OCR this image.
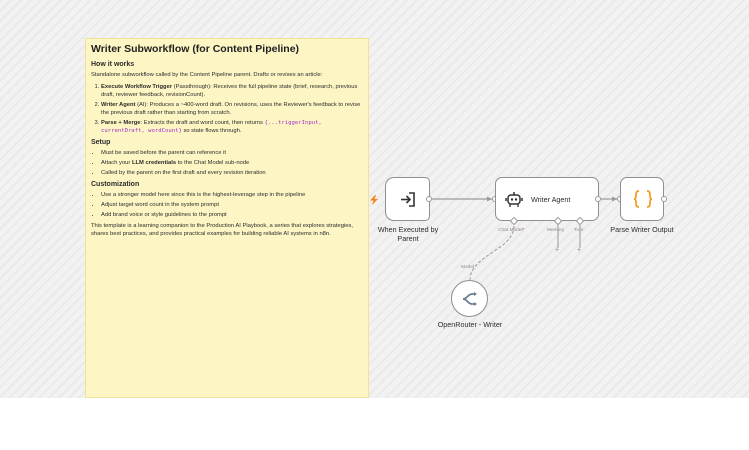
Writer Subworkflow (for Content Pipeline)
How it works

Standalone subworkflow called by the Content Pipeline parent. Drafts or revises an article:

1. Execute Workflow Trigger (Passthrough): Receives the full pipeline state (brief, research, previous draft, reviewer feedback, revisionCount).
2. Writer Agent (AI): Produces a ~400-word draft. On revisions, uses the Reviewer's feedback to revise the previous draft rather than starting from scratch.
3. Parse + Merge: Extracts the draft and word count, then returns {...triggerInput,
currentDraft, wordCount} so state flows through.
Setup
• Must be saved before the parent can reference it
• Attach your LLM credentials to the Chat Model sub-node
• Called by the parent on the first draft and every revision iteration
Customization
• Use a stronger model here since this is the highest-leverage step in the pipeline
• Adjust target word count in the system prompt
• Add brand voice or style guidelines to the prompt

This template is a learning companion to the Production AI Playbook, a series that explores strategies, shares best practices, and provides practical examples for building reliable AI systems in n8n.	When Executed by Parent
Writer Agent
Chat Model*	Memory Tool
+	+
Parse Writer Output
Model
OpenRouter - Writer
